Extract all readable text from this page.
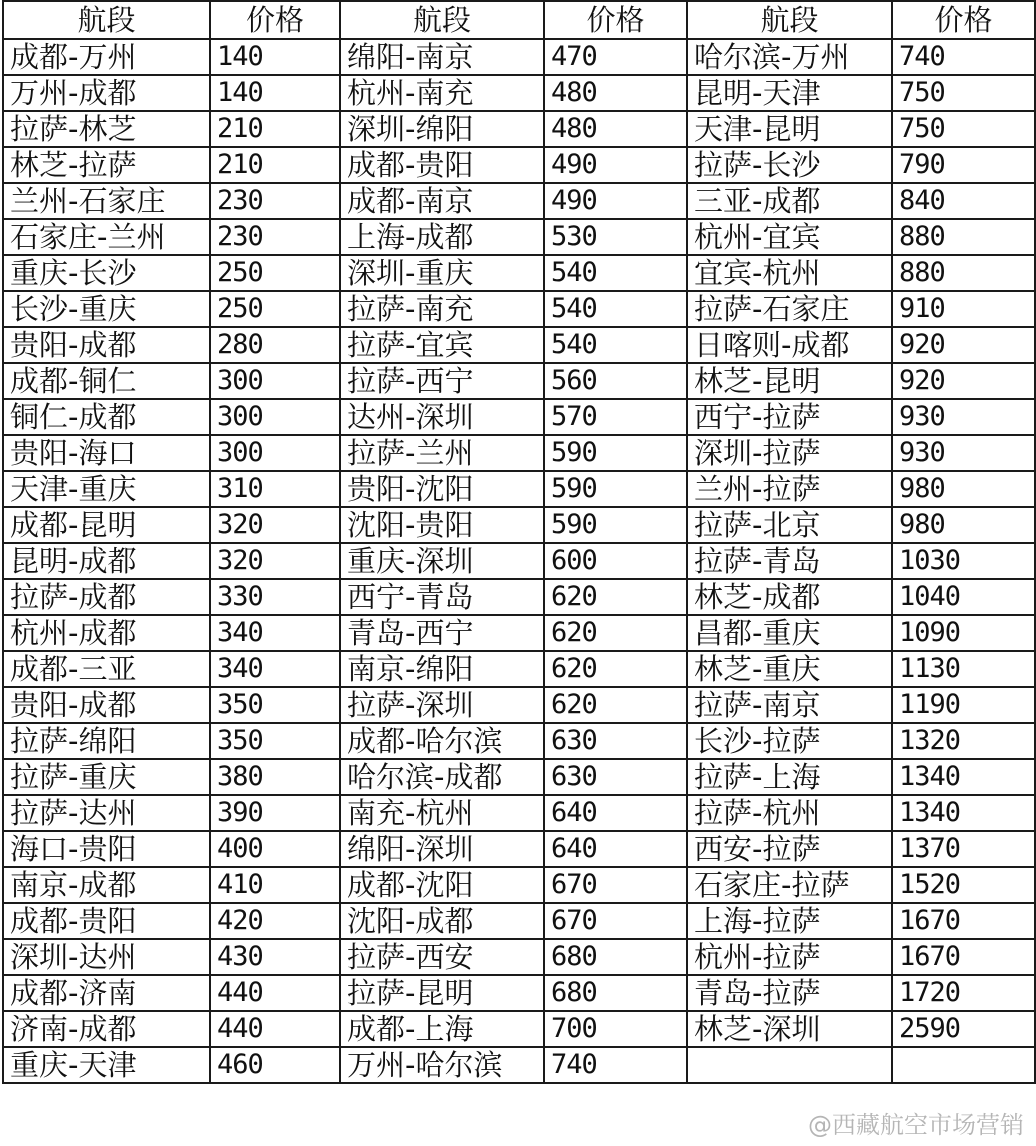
航段	价格	航段	价格	航段	价格
成都-万州	140	绵阳-南京	470	哈尔滨-万州	740
万州-成都	140	杭州-南充	480	昆明-天津	750
拉萨-林芝	210	深圳-绵阳	480	天津-昆明	750
林芝-拉萨	210	成都-贵阳	490	拉萨-长沙	790
兰州-石家庄	230	成都-南京	490	三亚-成都	840
石家庄-兰州	230	上海-成都	530	杭州-宜宾	880
重庆-长沙	250	深圳-重庆	540	宜宾-杭州	880
长沙-重庆	250	拉萨-南充	540	拉萨-石家庄	910
贵阳-成都	280	拉萨-宜宾	540	日喀则-成都	920
成都-铜仁	300	拉萨-西宁	560	林芝-昆明	920
铜仁-成都	300	达州-深圳	570	西宁-拉萨	930
贵阳-海口	300	拉萨-兰州	590	深圳-拉萨	930
天津-重庆	310	贵阳-沈阳	590	兰州-拉萨	980
成都-昆明	320	沈阳-贵阳	590	拉萨-北京	980
昆明-成都	320	重庆-深圳	600	拉萨-青岛	1030
拉萨-成都	330	西宁-青岛	620	林芝-成都	1040
杭州-成都	340	青岛-西宁	620	昌都-重庆	1090
成都-三亚	340	南京-绵阳	620	林芝-重庆	1130
贵阳-成都	350	拉萨-深圳	620	拉萨-南京	1190
拉萨-绵阳	350	成都-哈尔滨	630	长沙-拉萨	1320
拉萨-重庆	380	哈尔滨-成都	630	拉萨-上海	1340
拉萨-达州	390	南充-杭州	640	拉萨-杭州	1340
海口-贵阳	400	绵阳-深圳	640	西安-拉萨	1370
南京-成都	410	成都-沈阳	670	石家庄-拉萨	1520
成都-贵阳	420	沈阳-成都	670	上海-拉萨	1670
深圳-达州	430	拉萨-西安	680	杭州-拉萨	1670
成都-济南	440	拉萨-昆明	680	青岛-拉萨	1720
济南-成都	440	成都-上海	700	林芝-深圳	2590
重庆-天津	460	万州-哈尔滨	740		
@西藏航空市场营销
